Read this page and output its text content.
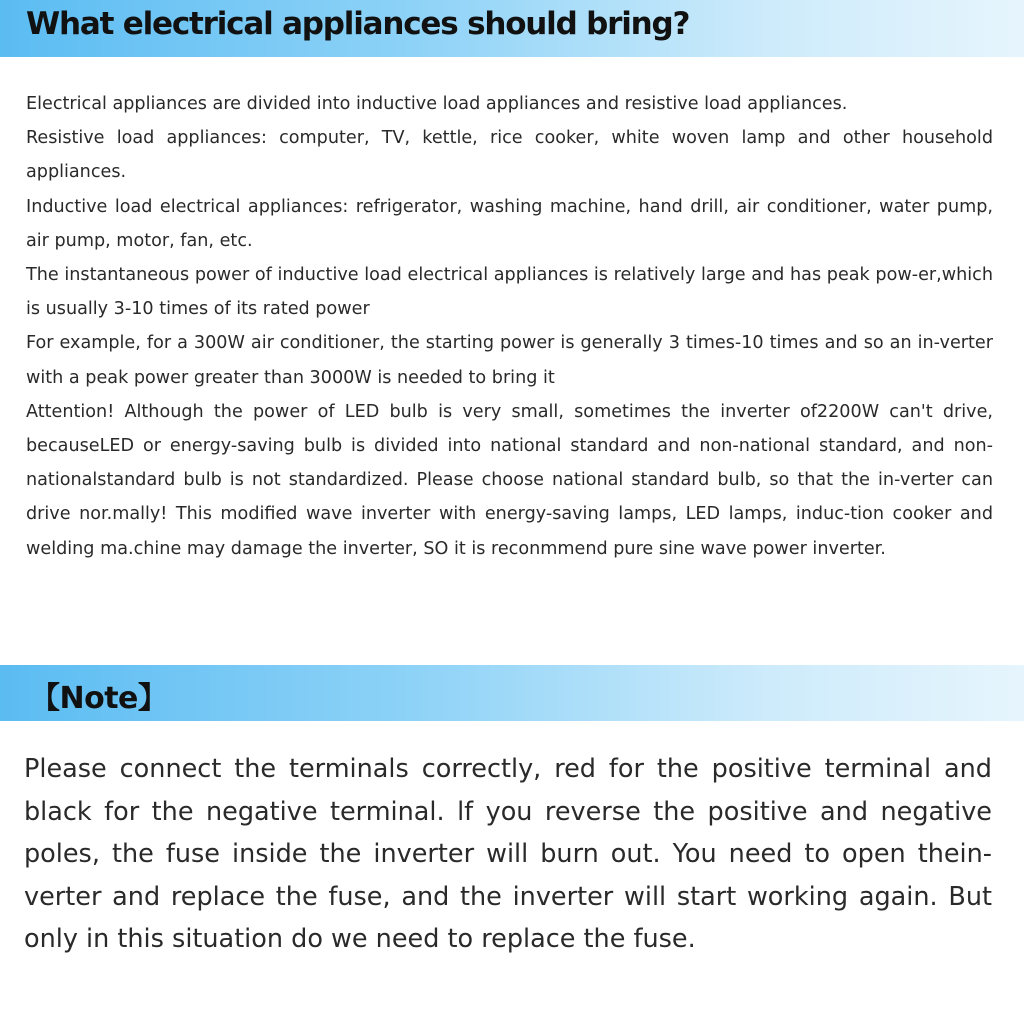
What electrical appliances should bring?

Electrical appliances are divided into inductive load appliances and resistive load appliances.

Resistive load appliances: computer, TV, kettle, rice cooker, white woven lamp and other household appliances.

Inductive load electrical appliances: refrigerator, washing machine, hand drill, air conditioner, water pump, air pump, motor, fan, etc.

The instantaneous power of inductive load electrical appliances is relatively large and has peak pow-er,which is usually 3-10 times of its rated power

For example, for a 300W air conditioner, the starting power is generally 3 times-10 times and so an in-verter with a peak power greater than 3000W is needed to bring it

Attention! Although the power of LED bulb is very small, sometimes the inverter of2200W can't drive, becauseLED or energy-saving bulb is divided into national standard and non-national standard, and non-nationalstandard bulb is not standardized. Please choose national standard bulb, so that the in-verter can drive nor.mally! This modified wave inverter with energy-saving lamps, LED lamps, induc-tion cooker and welding ma.chine may damage the inverter, SO it is reconmmend pure sine wave power inverter.

【Note】

Please connect the terminals correctly, red for the positive terminal and black for the negative terminal. lf you reverse the positive and negative poles, the fuse inside the inverter will burn out. You need to open thein-verter and replace the fuse, and the inverter will start working again. But only in this situation do we need to replace the fuse.
